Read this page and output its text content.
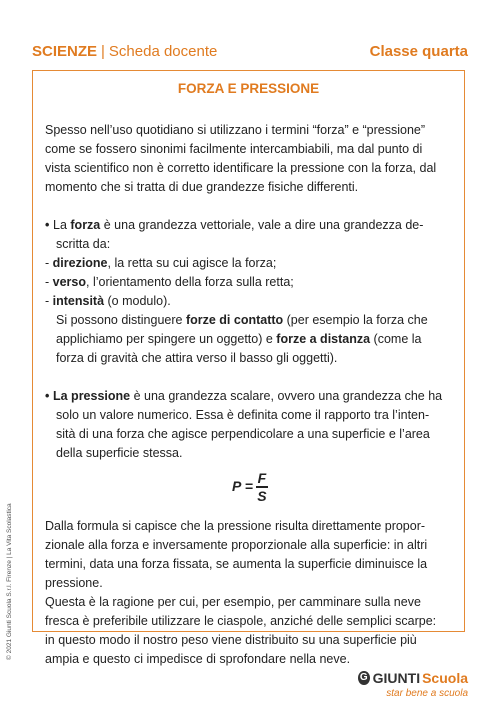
SCIENZE | Scheda docente	Classe quarta
FORZA E PRESSIONE

Spesso nell’uso quotidiano si utilizzano i termini “forza” e “pressione”

come se fossero sinonimi facilmente intercambiabili, ma dal punto di

vista scientifico non è corretto identificare la pressione con la forza, dal

momento che si tratta di due grandezze fisiche differenti.

• La forza è una grandezza vettoriale, vale a dire una grandezza de-

scritta da:

- direzione, la retta su cui agisce la forza;

- verso, l’orientamento della forza sulla retta;

- intensità (o modulo).

Si possono distinguere forze di contatto (per esempio la forza che

applichiamo per spingere un oggetto) e forze a distanza (come la

forza di gravità che attira verso il basso gli oggetti).

• La pressione è una grandezza scalare, ovvero una grandezza che ha

solo un valore numerico. Essa è definita come il rapporto tra l’inten-

sità di una forza che agisce perpendicolare a una superficie e l’area

della superficie stessa.

$P = \frac{F}{S}$

Dalla formula si capisce che la pressione risulta direttamente propor-

zionale alla forza e inversamente proporzionale alla superficie: in altri

termini, data una forza fissata, se aumenta la superficie diminuisce la

pressione.

Questa è la ragione per cui, per esempio, per camminare sulla neve

fresca è preferibile utilizzare le ciaspole, anziché delle semplici scarpe:

in questo modo il nostro peso viene distribuito su una superficie più

ampia e questo ci impedisce di sprofondare nella neve.

© 2021 Giunti Scuola S.r.l. Firenze | La Vita Scolastica
G GIUNTI Scuola
star bene a scuola
